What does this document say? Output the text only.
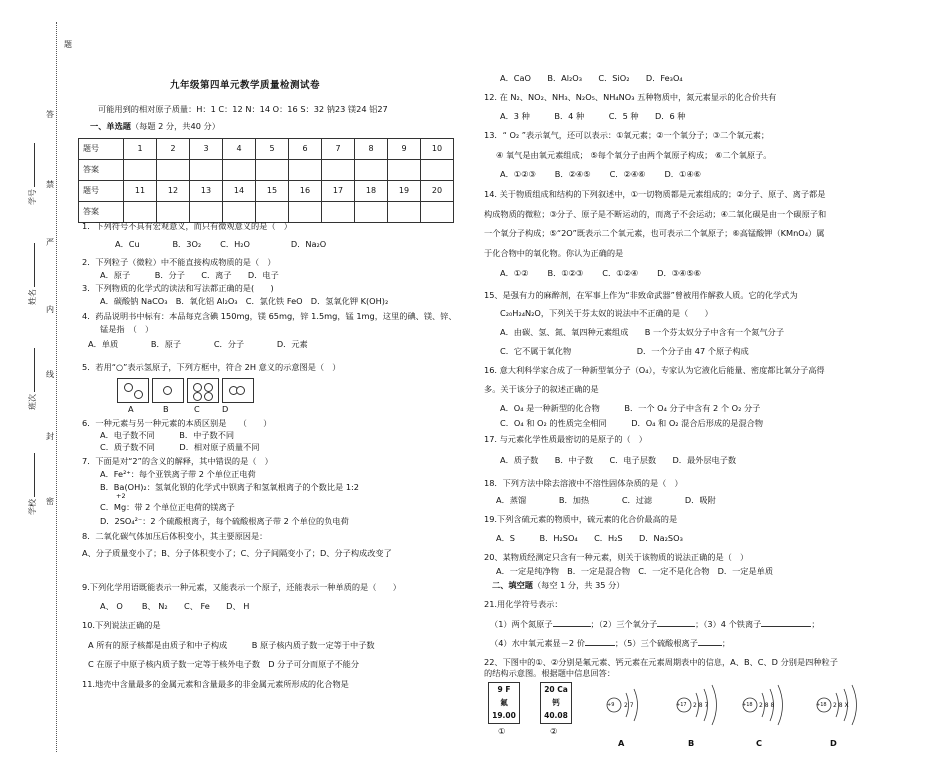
题
答
禁
严
内
线
封
密
学号
姓名
班次
学校
九年级第四单元教学质量检测试卷
可能用到的相对原子质量：H：1 C：12 N：14 O：16 S：32 钠23 镁24 铝27
一、单选题（每题 2 分，共40 分）
题号	1	2	3	4	5	6	7	8	9	10
答案										
题号	11	12	13	14	15	16	17	18	19	20
答案										
1．下列符号不具有宏观意义，而只有微观意义的是（　）
A．Cu　　　　B．3O₂　　 C．H₂O　　　　　D．Na₂O
2．下列粒子（微粒）中不能直接构成物质的是（　）
A．原子　　　B．分子　　C．离子　　D．电子
3．下列物质的化学式的读法和写法都正确的是(　　)
A．碳酸钠 NaCO₃　B．氧化铝 Al₂O₃　C．氯化铁 FeO　D．氢氧化钾 K(OH)₂
4．药品说明书中标有：本品每克含碘 150mg，镁 65mg，锌 1.5mg，锰 1mg，这里的碘、镁、锌、
锰是指　（　）
A．单质　　　　B．原子　　　　C．分子　　　　D．元素
5．若用“○”表示氢原子，下列方框中，符合 2H 意义的示意图是（　）
A	B	C	D
6．一种元素与另一种元素的本质区别是　　（　　）
A．电子数不同　　　B．中子数不同
C．质子数不同　　　D．相对原子质量不同
7．下面是对“2”的含义的解释，其中错误的是（　）
A．Fe²⁺：每个亚铁离子带 2 个单位正电荷
B．Ba(OH)₂：氢氧化钡的化学式中钡离子和氢氧根离子的个数比是 1:2
+2
C．Mg：带 2 个单位正电荷的镁离子
D．2SO₄²⁻：2 个硫酸根离子，每个硫酸根离子带 2 个单位的负电荷
8．二氧化碳气体加压后体积变小，其主要原因是：
A、分子质量变小了；B、分子体积变小了；C、分子间隔变小了；D、分子构成改变了
9.下列化学用语既能表示一种元素，又能表示一个原子，还能表示一种单质的是（　　）
A、 O　　 B、 N₂　　C、 Fe　　D、 H
10.下列说法正确的是
A 所有的原子核都是由质子和中子构成　　　B 原子核内质子数一定等于中子数
C 在原子中原子核内质子数一定等于核外电子数　D 分子可分而原子不能分
11.地壳中含量最多的金属元素和含量最多的非金属元素所形成的化合物是
A．CaO　　B．Al₂O₃　　C．SiO₂　　D．Fe₃O₄
12. 在 N₂、NO₂、NH₃、N₂O₅、NH₄NO₃ 五种物质中，氮元素显示的化合价共有
A．3 种　　　B．4 种　　　C．5 种　　D．6 种
13．“ O₂ ”表示氧气，还可以表示：①氧元素；②一个氧分子；③二个氧元素；
④ 氧气是由氧元素组成； ⑤每个氧分子由两个氧原子构成； ⑥二个氧原子。
A．①②③　　 B．②④⑤　　 C．②④⑥　　 D．①④⑥
14. 关于物质组成和结构的下列叙述中，①一切物质都是元素组成的；②分子、原子、离子都是
构成物质的微粒；③分子、原子是不断运动的，而离子不会运动；④二氧化碳是由一个碳原子和
一个氧分子构成；⑤“2O”既表示二个氧元素，也可表示二个氧原子；⑥高锰酸钾（KMnO₄）属
于化合物中的氧化物。你认为正确的是
A．①②　　 B．①②③　　 C．①②④　　 D．③④⑤⑥
15、是强有力的麻醉剂，在军事上作为“非致命武器”曾被用作解救人质。它的化学式为
C₂₀H₂₄N₂O，下列关于芬太奴的说法中不正确的是（　　）
A．由碳、氢、氮、氧四种元素组成　　B 一个芬太奴分子中含有一个氮气分子
C．它不属于氧化物　　　　　　　　D．一个分子由 47 个原子构成
16. 意大利科学家合成了一种新型氧分子（O₄），专家认为它液化后能量、密度都比氧分子高得
多。关于该分子的叙述正确的是
A．O₄ 是一种新型的化合物　　　B．一个 O₄ 分子中含有 2 个 O₂ 分子
C．O₄ 和 O₂ 的性质完全相同　　　D．O₄ 和 O₂ 混合后形成的是混合物
17. 与元素化学性质最密切的是原子的（　）
A．质子数　　B．中子数　　C．电子层数　　D．最外层电子数
18．下列方法中除去溶液中不溶性固体杂质的是（　）
A．蒸馏　　　　B．加热　　　　C．过滤　　　　D．吸附
19.下列含硫元素的物质中，硫元素的化合价最高的是
A．S　　　B．H₂SO₄　　C．H₂S　　D．Na₂SO₃
20、某物质经测定只含有一种元素，则关于该物质的说法正确的是（　）
A．一定是纯净物　B．一定是混合物　C．一定不是化合物　D．一定是单质
二、填空题（每空 1 分，共 35 分）
21.用化学符号表示：
（1）两个氮原子	；（2）三个氧分子	；（3）4 个铁离子	；
（4）水中氧元素显－2 价	；（5）三个硫酸根离子	；
22、下图中的①、②分别是氟元素、钙元素在元素周期表中的信息，A、B、C、D 分别是四种粒子
的结构示意图。根据题中信息回答：
9 F
氟
19.00
①
20 Ca
钙
40.08
②
+9 2 7	+17 2 8 7	+18 2 8 8	+18 2 8 X
A	B	C	D
